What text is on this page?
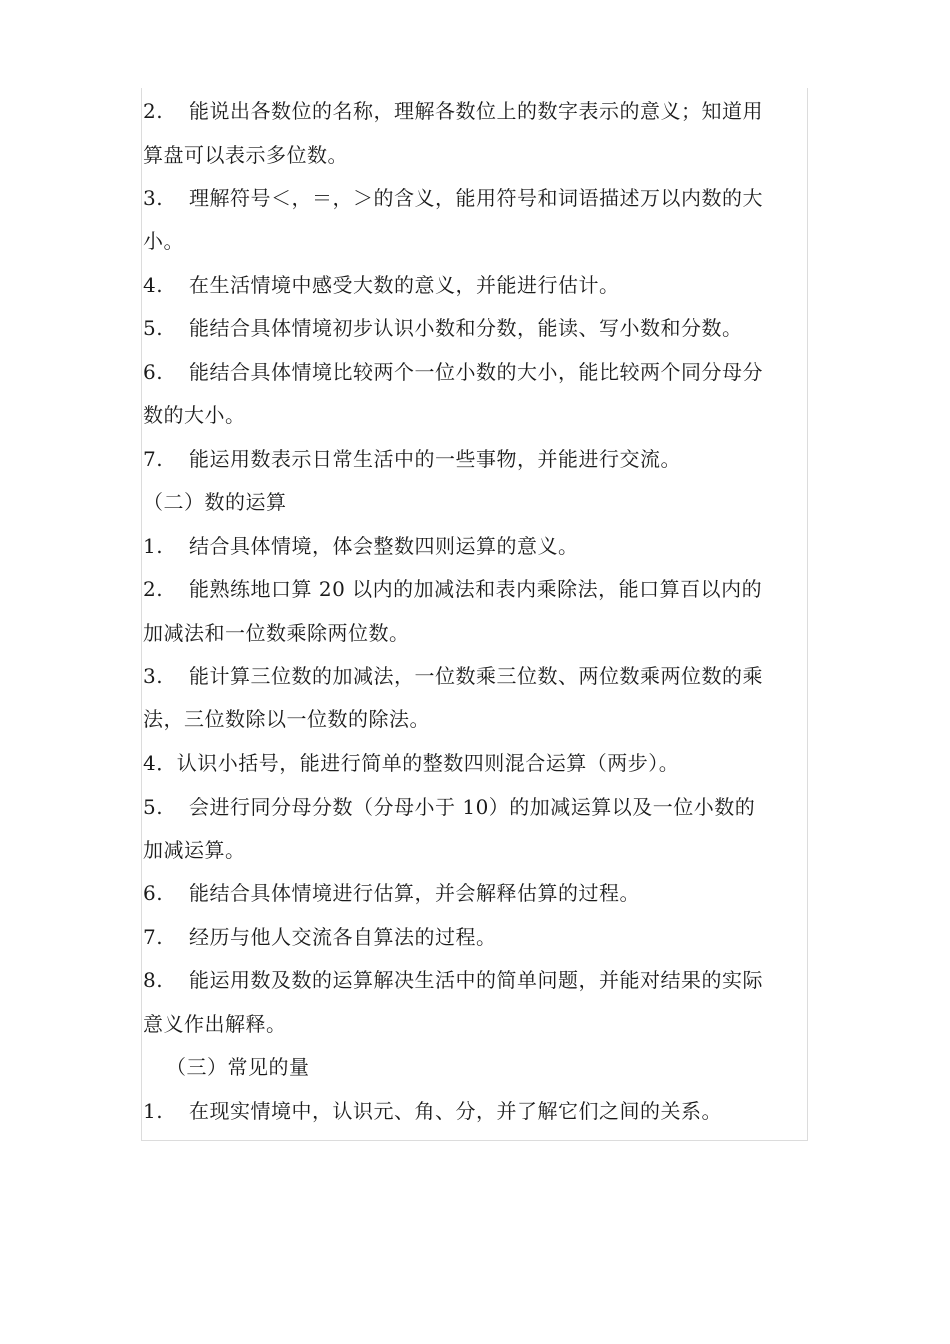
2. 能说出各数位的名称，理解各数位上的数字表示的意义；知道用
算盘可以表示多位数。
3. 理解符号＜，＝，＞的含义，能用符号和词语描述万以内数的大
小。
4. 在生活情境中感受大数的意义，并能进行估计。
5. 能结合具体情境初步认识小数和分数，能读、写小数和分数。
6. 能结合具体情境比较两个一位小数的大小，能比较两个同分母分
数的大小。
7. 能运用数表示日常生活中的一些事物，并能进行交流。
（二）数的运算
1. 结合具体情境，体会整数四则运算的意义。
2. 能熟练地口算 20 以内的加减法和表内乘除法，能口算百以内的
加减法和一位数乘除两位数。
3. 能计算三位数的加减法，一位数乘三位数、两位数乘两位数的乘
法，三位数除以一位数的除法。
4．认识小括号，能进行简单的整数四则混合运算（两步）。
5. 会进行同分母分数（分母小于 10）的加减运算以及一位小数的
加减运算。
6. 能结合具体情境进行估算，并会解释估算的过程。
7. 经历与他人交流各自算法的过程。
8. 能运用数及数的运算解决生活中的简单问题，并能对结果的实际
意义作出解释。
（三）常见的量
1. 在现实情境中，认识元、角、分，并了解它们之间的关系。
